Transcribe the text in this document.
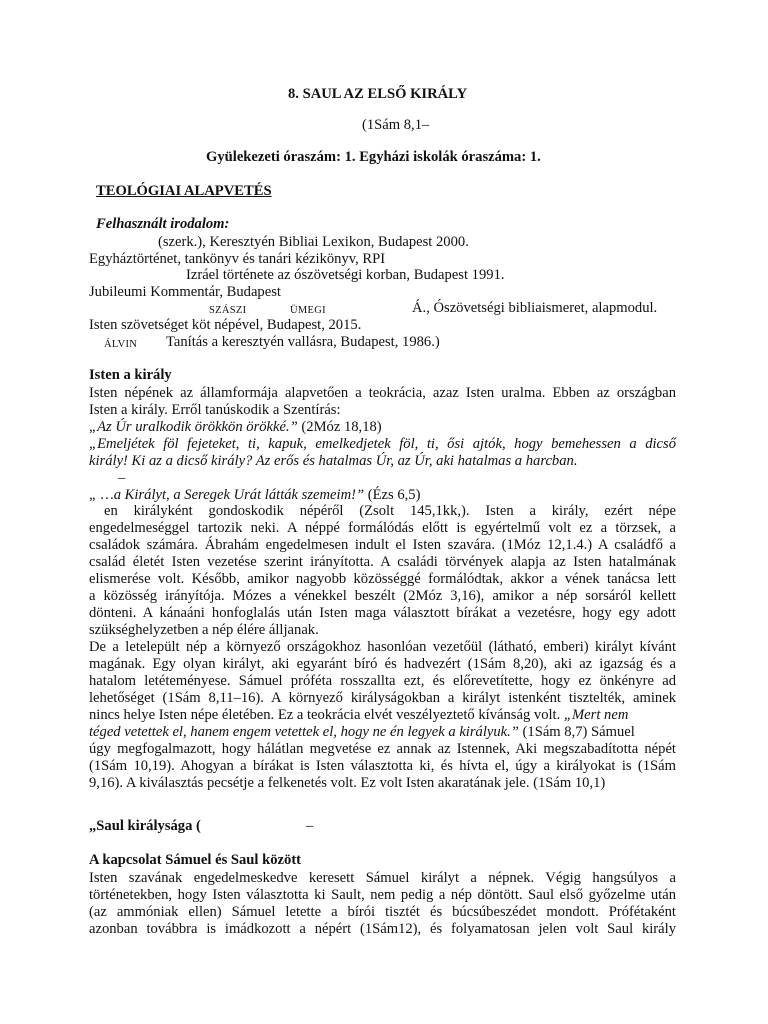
8. SAUL AZ ELSŐ KIRÁLY
(1Sám 8,1–
Gyülekezeti óraszám: 1. Egyházi iskolák óraszáma: 1.
TEOLÓGIAI ALAPVETÉS
Felhasznált irodalom:
(szerk.), Keresztyén Bibliai Lexikon, Budapest 2000.
Egyháztörténet, tankönyv és tanári kézikönyv, RPI
Izráel története az ószövetségi korban, Budapest 1991.
Jubileumi Kommentár, Budapest
SZÁSZI	ÜMEGI	Á., Ószövetségi bibliaismeret, alapmodul.
Isten szövetséget köt népével, Budapest, 2015.
ÁLVIN Tanítás a keresztyén vallásra, Budapest, 1986.)
Isten a király
Isten népének az államformája alapvetően a teokrácia, azaz Isten uralma. Ebben az országban
Isten a király. Erről tanúskodik a Szentírás:
„Az Úr uralkodik örökkön örökké.” (2Móz 18,18)
„Emeljétek föl fejeteket, ti, kapuk, emelkedjetek föl, ti, ősi ajtók, hogy bemehessen a dicső
király! Ki az a dicső király? Az erős és hatalmas Úr, az Úr, aki hatalmas a harcban.
–
„ …a Királyt, a Seregek Urát látták szemeim!” (Ézs 6,5)
en királyként gondoskodik népéről (Zsolt 145,1kk,). Isten a király, ezért népe
engedelmeséggel tartozik neki. A néppé formálódás előtt is egyértelmű volt ez a törzsek, a
családok számára. Ábrahám engedelmesen indult el Isten szavára. (1Móz 12,1.4.) A családfő a
család életét Isten vezetése szerint irányította. A családi törvények alapja az Isten hatalmának
elismerése volt. Később, amikor nagyobb közösséggé formálódtak, akkor a vének tanácsa lett
a közösség irányítója. Mózes a vénekkel beszélt (2Móz 3,16), amikor a nép sorsáról kellett
dönteni. A kánaáni honfoglalás után Isten maga választott bírákat a vezetésre, hogy egy adott
szükséghelyzetben a nép élére álljanak.
De a letelepült nép a környező országokhoz hasonlóan vezetőül (látható, emberi) királyt kívánt
magának. Egy olyan királyt, aki egyaránt bíró és hadvezért (1Sám 8,20), aki az igazság és a
hatalom letéteményese. Sámuel próféta rosszallta ezt, és előrevetítette, hogy ez önkényre ad
lehetőséget (1Sám 8,11–16). A környező királyságokban a királyt istenként tisztelték, aminek
nincs helye Isten népe életében. Ez a teokrácia elvét veszélyeztető kívánság volt. „Mert nem
téged vetettek el, hanem engem vetettek el, hogy ne én legyek a királyuk.” (1Sám 8,7) Sámuel
úgy megfogalmazott, hogy hálátlan megvetése ez annak az Istennek, Aki megszabadította népét
(1Sám 10,19). Ahogyan a bírákat is Isten választotta ki, és hívta el, úgy a királyokat is (1Sám
9,16). A kiválasztás pecsétje a felkenetés volt. Ez volt Isten akaratának jele. (1Sám 10,1)
„Saul királysága (	–
A kapcsolat Sámuel és Saul között
Isten szavának engedelmeskedve keresett Sámuel királyt a népnek. Végig hangsúlyos a
történetekben, hogy Isten választotta ki Sault, nem pedig a nép döntött. Saul első győzelme után
(az ammóniak ellen) Sámuel letette a bírói tisztét és búcsúbeszédet mondott. Prófétaként
azonban továbbra is imádkozott a népért (1Sám12), és folyamatosan jelen volt Saul király
